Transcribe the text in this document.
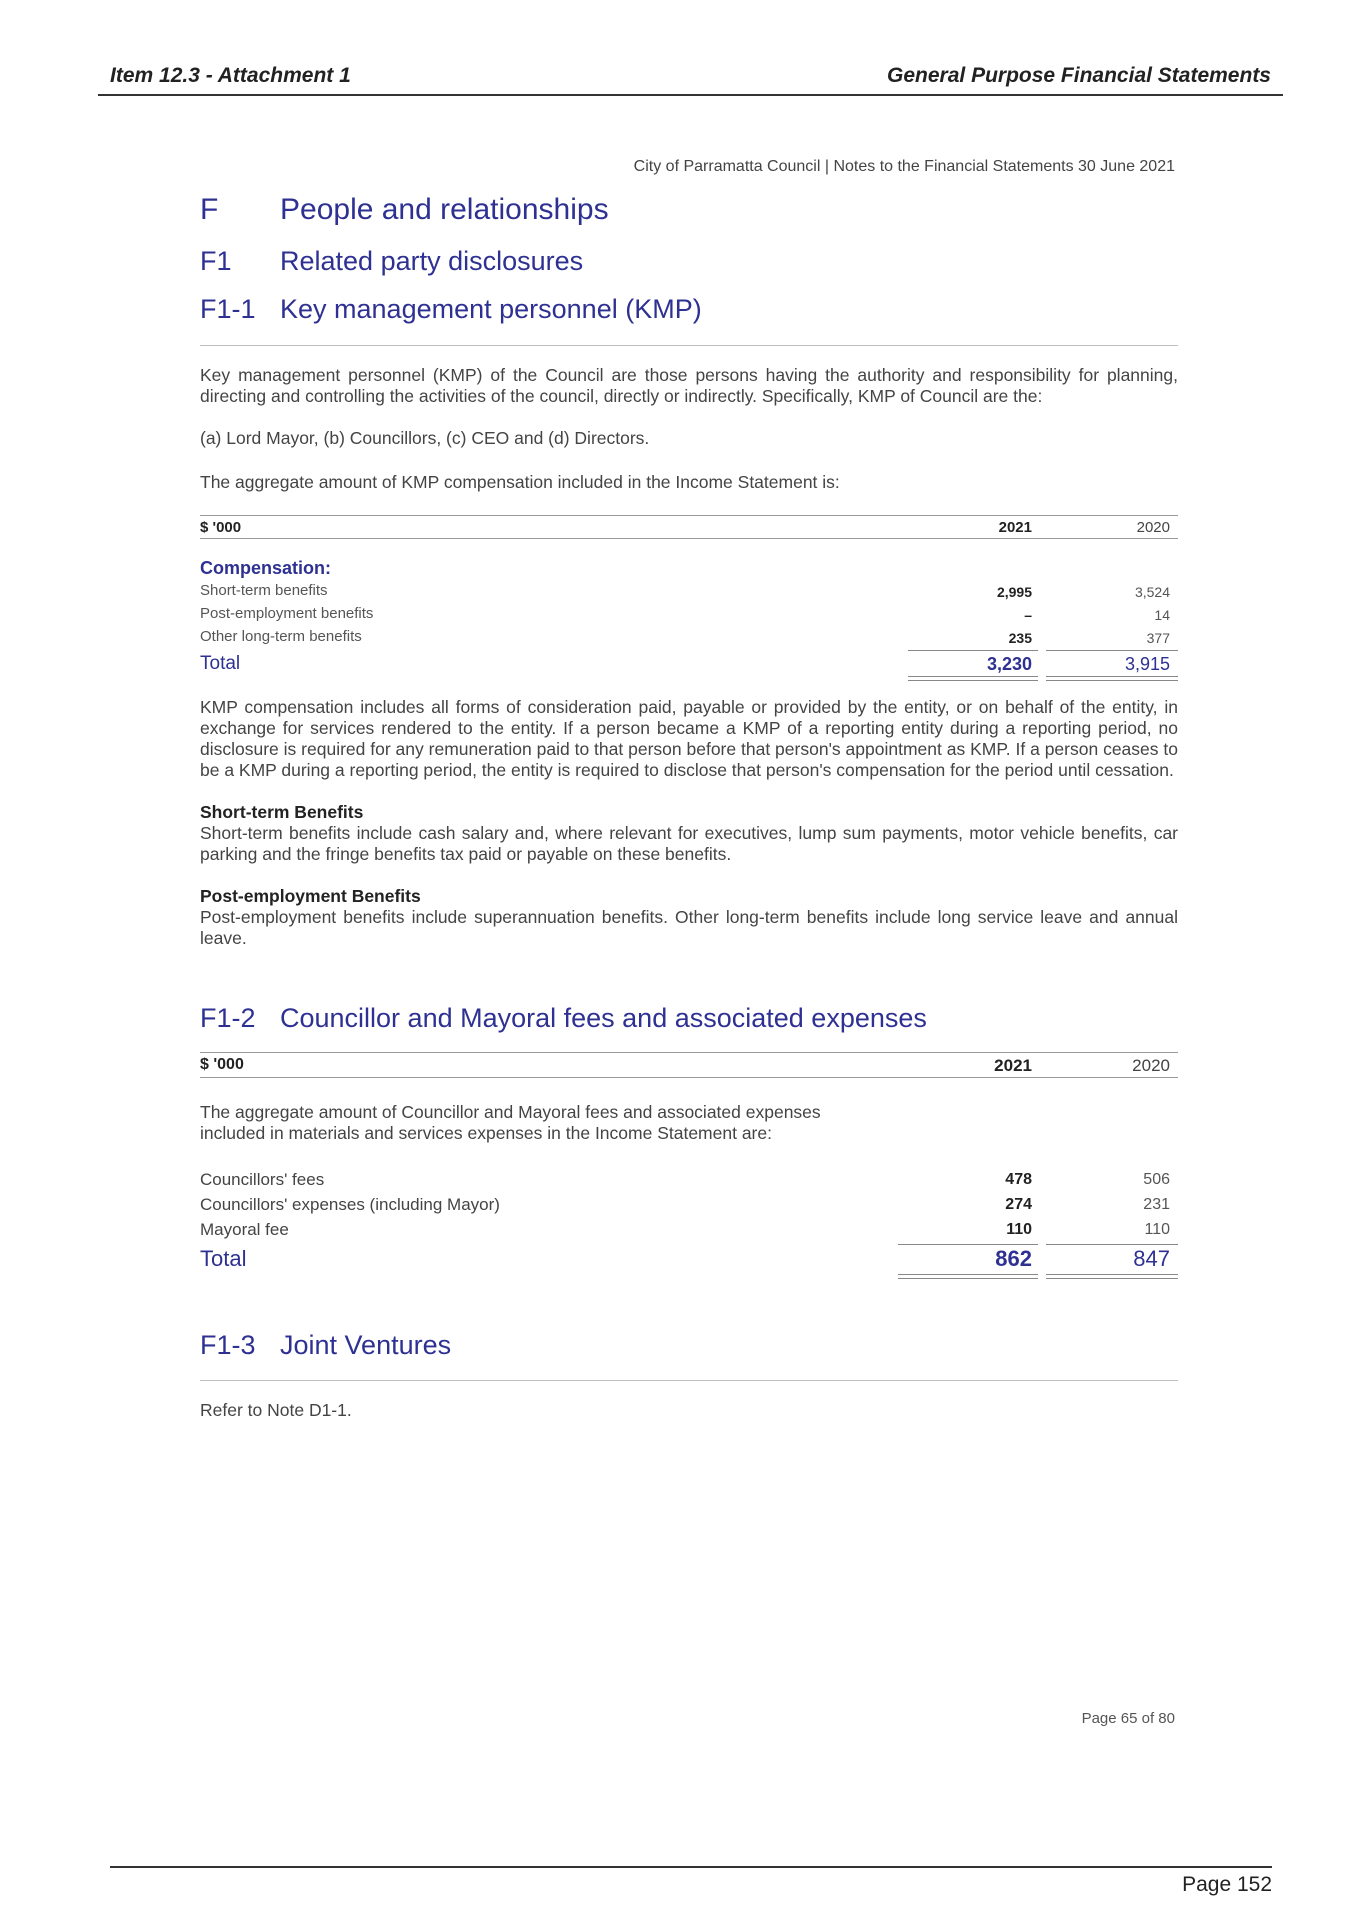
Item 12.3 - Attachment 1	General Purpose Financial Statements
City of Parramatta Council | Notes to the Financial Statements 30 June 2021
F People and relationships
F1 Related party disclosures
F1-1 Key management personnel (KMP)
Key management personnel (KMP) of the Council are those persons having the authority and responsibility for planning, directing and controlling the activities of the council, directly or indirectly. Specifically, KMP of Council are the:
(a) Lord Mayor, (b) Councillors, (c) CEO and (d) Directors.
The aggregate amount of KMP compensation included in the Income Statement is:
$ '000	2021	2020
Compensation:
Short-term benefits	2,995	3,524
Post-employment benefits	–	14
Other long-term benefits	235	377
Total	3,230	3,915
KMP compensation includes all forms of consideration paid, payable or provided by the entity, or on behalf of the entity, in exchange for services rendered to the entity. If a person became a KMP of a reporting entity during a reporting period, no disclosure is required for any remuneration paid to that person before that person's appointment as KMP. If a person ceases to be a KMP during a reporting period, the entity is required to disclose that person's compensation for the period until cessation.
Short-term Benefits
Short-term benefits include cash salary and, where relevant for executives, lump sum payments, motor vehicle benefits, car parking and the fringe benefits tax paid or payable on these benefits.
Post-employment Benefits
Post-employment benefits include superannuation benefits. Other long-term benefits include long service leave and annual leave.
F1-2 Councillor and Mayoral fees and associated expenses
$ '000	2021	2020
The aggregate amount of Councillor and Mayoral fees and associated expenses included in materials and services expenses in the Income Statement are:
Councillors' fees	478	506
Councillors' expenses (including Mayor)	274	231
Mayoral fee	110	110
Total	862	847
F1-3 Joint Ventures
Refer to Note D1-1.
Page 65 of 80
Page 152
